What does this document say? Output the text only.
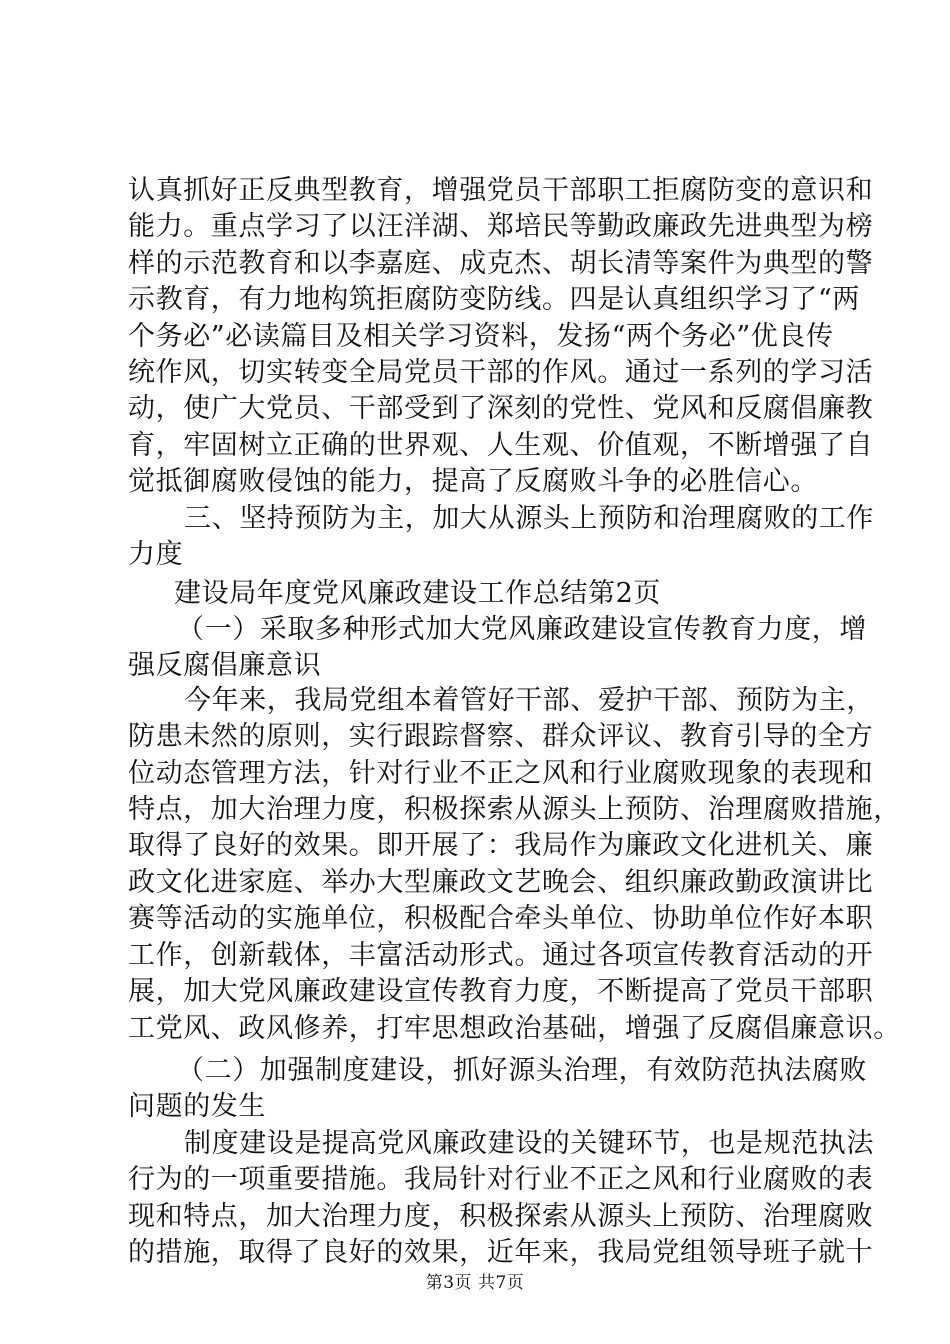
认真抓好正反典型教育，增强党员干部职工拒腐防变的意识和
能力。重点学习了以汪洋湖、郑培民等勤政廉政先进典型为榜
样的示范教育和以李嘉庭、成克杰、胡长清等案件为典型的警
示教育，有力地构筑拒腐防变防线。四是认真组织学习了“两
个务必”必读篇目及相关学习资料，发扬“两个务必”优良传
统作风，切实转变全局党员干部的作风。通过一系列的学习活
动，使广大党员、干部受到了深刻的党性、党风和反腐倡廉教
育，牢固树立正确的世界观、人生观、价值观，不断增强了自
觉抵御腐败侵蚀的能力，提高了反腐败斗争的必胜信心。
三、坚持预防为主，加大从源头上预防和治理腐败的工作
力度
建设局年度党风廉政建设工作总结第2页
（一）采取多种形式加大党风廉政建设宣传教育力度，增
强反腐倡廉意识
今年来，我局党组本着管好干部、爱护干部、预防为主，
防患未然的原则，实行跟踪督察、群众评议、教育引导的全方
位动态管理方法，针对行业不正之风和行业腐败现象的表现和
特点，加大治理力度，积极探索从源头上预防、治理腐败措施，
取得了良好的效果。即开展了：我局作为廉政文化进机关、廉
政文化进家庭、举办大型廉政文艺晚会、组织廉政勤政演讲比
赛等活动的实施单位，积极配合牵头单位、协助单位作好本职
工作，创新载体，丰富活动形式。通过各项宣传教育活动的开
展，加大党风廉政建设宣传教育力度，不断提高了党员干部职
工党风、政风修养，打牢思想政治基础，增强了反腐倡廉意识。
（二）加强制度建设，抓好源头治理，有效防范执法腐败
问题的发生
制度建设是提高党风廉政建设的关键环节，也是规范执法
行为的一项重要措施。我局针对行业不正之风和行业腐败的表
现和特点，加大治理力度，积极探索从源头上预防、治理腐败
的措施，取得了良好的效果，近年来，我局党组领导班子就十
第3页 共7页
